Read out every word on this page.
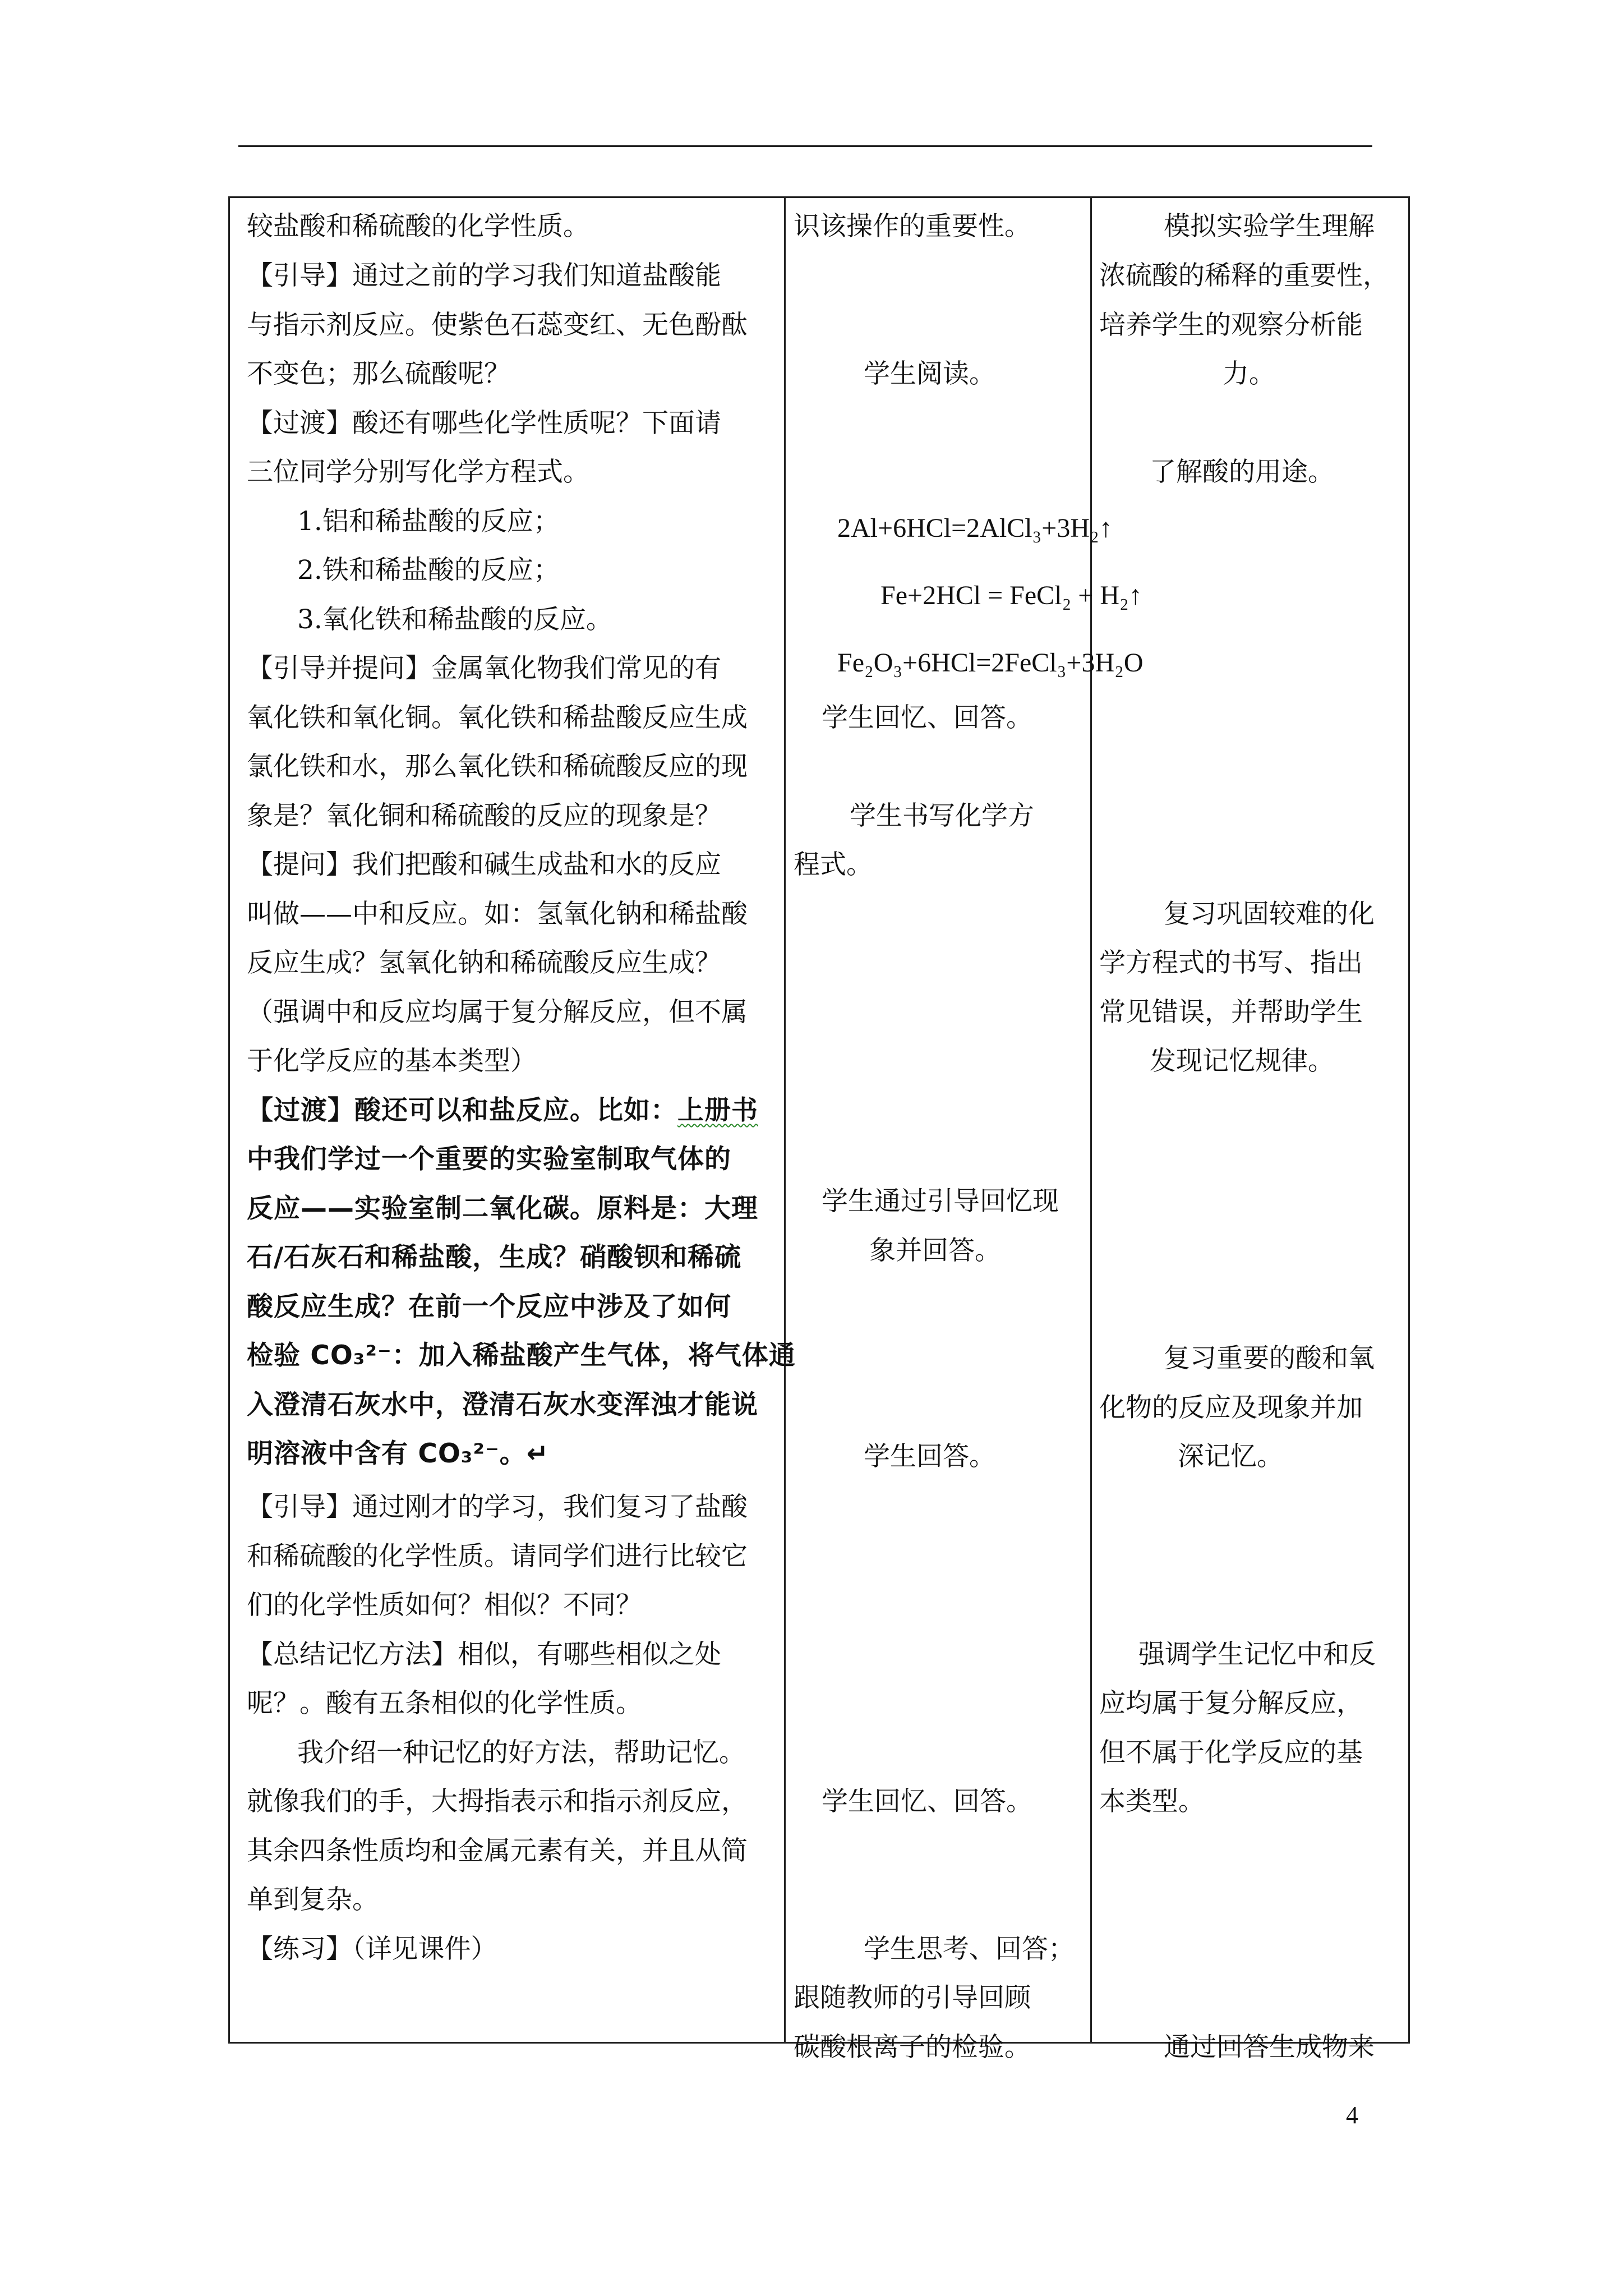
较盐酸和稀硫酸的化学性质。
【引导】通过之前的学习我们知道盐酸能
与指示剂反应。使紫色石蕊变红、无色酚酞
不变色；那么硫酸呢？
【过渡】酸还有哪些化学性质呢？下面请
三位同学分别写化学方程式。
1.铝和稀盐酸的反应；
2.铁和稀盐酸的反应；
3.氧化铁和稀盐酸的反应。
【引导并提问】金属氧化物我们常见的有
氧化铁和氧化铜。氧化铁和稀盐酸反应生成
氯化铁和水，那么氧化铁和稀硫酸反应的现
象是？氧化铜和稀硫酸的反应的现象是？
【提问】我们把酸和碱生成盐和水的反应
叫做——中和反应。如：氢氧化钠和稀盐酸
反应生成？氢氧化钠和稀硫酸反应生成？
（强调中和反应均属于复分解反应，但不属
于化学反应的基本类型）
【过渡】酸还可以和盐反应。比如：上册书
中我们学过一个重要的实验室制取气体的
反应——实验室制二氧化碳。原料是：大理
石/石灰石和稀盐酸，生成？硝酸钡和稀硫
酸反应生成？在前一个反应中涉及了如何
检验 CO₃²⁻：加入稀盐酸产生气体，将气体通
入澄清石灰水中，澄清石灰水变浑浊才能说
明溶液中含有 CO₃²⁻。↵
【引导】通过刚才的学习，我们复习了盐酸
和稀硫酸的化学性质。请同学们进行比较它
们的化学性质如何？相似？不同？
【总结记忆方法】相似，有哪些相似之处
呢？。酸有五条相似的化学性质。
我介绍一种记忆的好方法，帮助记忆。
就像我们的手，大拇指表示和指示剂反应，
其余四条性质均和金属元素有关，并且从简
单到复杂。
【练习】（详见课件）
识该操作的重要性。
学生阅读。
2Al+6HCl=2AlCl₃+3H₂↑
Fe+2HCl = FeCl₂ + H₂↑
Fe₂O₃+6HCl=2FeCl₃+3H₂O
学生回忆、回答。
学生书写化学方
程式。
学生通过引导回忆现
象并回答。
学生回答。
学生回忆、回答。
学生思考、回答；
跟随教师的引导回顾
碳酸根离子的检验。
模拟实验学生理解
浓硫酸的稀释的重要性，
培养学生的观察分析能
力。
了解酸的用途。
复习巩固较难的化
学方程式的书写、指出
常见错误，并帮助学生
发现记忆规律。
复习重要的酸和氧
化物的反应及现象并加
深记忆。
强调学生记忆中和反
应均属于复分解反应，
但不属于化学反应的基
本类型。
通过回答生成物来
4
